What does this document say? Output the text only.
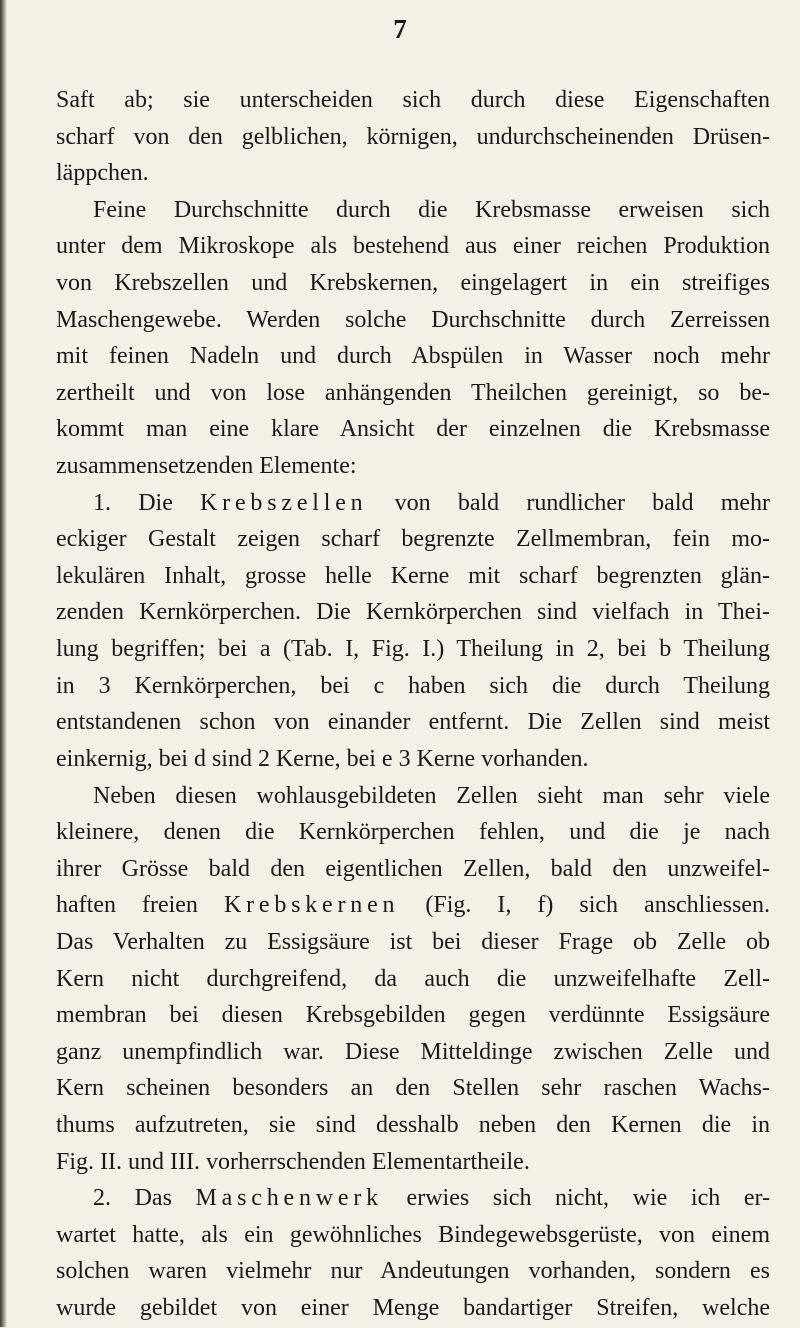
7
Saft ab; sie unterscheiden sich durch diese Eigenschaften
scharf von den gelblichen, körnigen, undurchscheinenden Drüsen-
läppchen.
Feine Durchschnitte durch die Krebsmasse erweisen sich
unter dem Mikroskope als bestehend aus einer reichen Produktion
von Krebszellen und Krebskernen, eingelagert in ein streifiges
Maschengewebe. Werden solche Durchschnitte durch Zerreissen
mit feinen Nadeln und durch Abspülen in Wasser noch mehr
zertheilt und von lose anhängenden Theilchen gereinigt, so be-
kommt man eine klare Ansicht der einzelnen die Krebsmasse
zusammensetzenden Elemente:
1. Die Krebszellen von bald rundlicher bald mehr
eckiger Gestalt zeigen scharf begrenzte Zellmembran, fein mo-
lekulären Inhalt, grosse helle Kerne mit scharf begrenzten glän-
zenden Kernkörperchen. Die Kernkörperchen sind vielfach in Thei-
lung begriffen; bei a (Tab. I, Fig. I.) Theilung in 2, bei b Theilung
in 3 Kernkörperchen, bei c haben sich die durch Theilung
entstandenen schon von einander entfernt. Die Zellen sind meist
einkernig, bei d sind 2 Kerne, bei e 3 Kerne vorhanden.
Neben diesen wohlausgebildeten Zellen sieht man sehr viele
kleinere, denen die Kernkörperchen fehlen, und die je nach
ihrer Grösse bald den eigentlichen Zellen, bald den unzweifel-
haften freien Krebskernen (Fig. I, f) sich anschliessen.
Das Verhalten zu Essigsäure ist bei dieser Frage ob Zelle ob
Kern nicht durchgreifend, da auch die unzweifelhafte Zell-
membran bei diesen Krebsgebilden gegen verdünnte Essigsäure
ganz unempfindlich war. Diese Mitteldinge zwischen Zelle und
Kern scheinen besonders an den Stellen sehr raschen Wachs-
thums aufzutreten, sie sind desshalb neben den Kernen die in
Fig. II. und III. vorherrschenden Elementartheile.
2. Das Maschenwerk erwies sich nicht, wie ich er-
wartet hatte, als ein gewöhnliches Bindegewebsgerüste, von einem
solchen waren vielmehr nur Andeutungen vorhanden, sondern es
wurde gebildet von einer Menge bandartiger Streifen, welche
